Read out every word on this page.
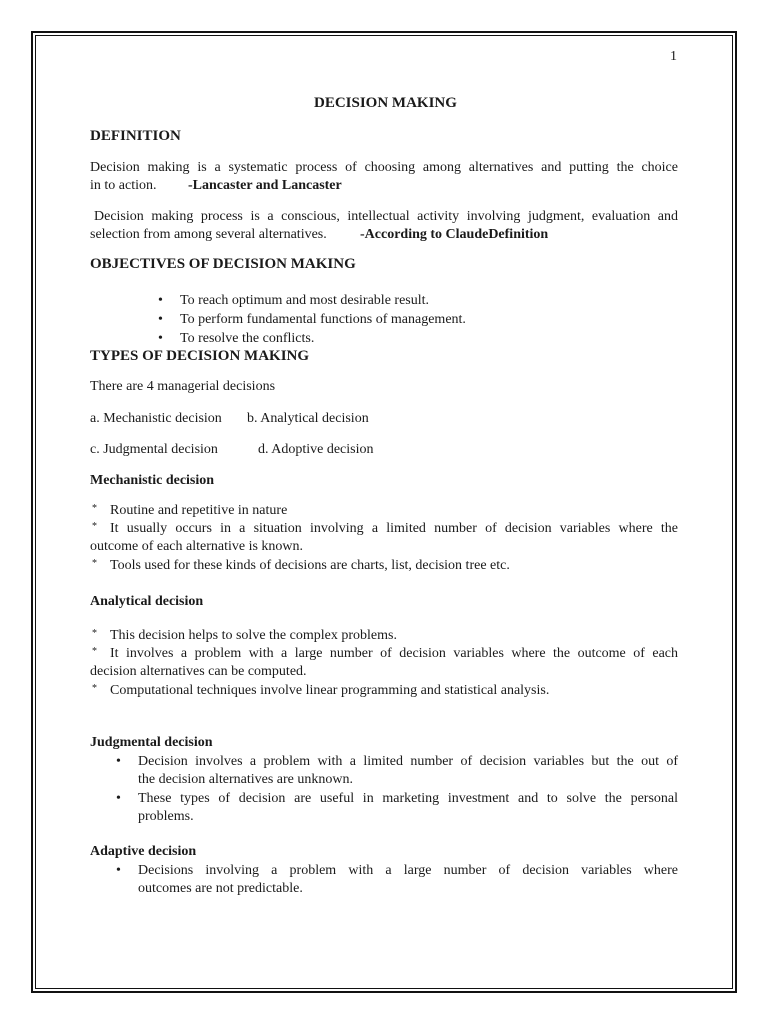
1
DECISION MAKING
DEFINITION
Decision making is a systematic process of choosing among alternatives and putting the choice
in to action. -Lancaster and Lancaster
Decision making process is a conscious, intellectual activity involving judgment, evaluation and
selection from among several alternatives. -According to ClaudeDefinition
OBJECTIVES OF DECISION MAKING
• To reach optimum and most desirable result.
• To perform fundamental functions of management.
• To resolve the conflicts.
TYPES OF DECISION MAKING
There are 4 managerial decisions
a. Mechanistic decision b. Analytical decision
c. Judgmental decision	d. Adoptive decision
Mechanistic decision
* Routine and repetitive in nature
* It usually occurs in a situation involving a limited number of decision variables where the
outcome of each alternative is known.
* Tools used for these kinds of decisions are charts, list, decision tree etc.
Analytical decision
* This decision helps to solve the complex problems.
* It involves a problem with a large number of decision variables where the outcome of each
decision alternatives can be computed.
* Computational techniques involve linear programming and statistical analysis.
Judgmental decision
• Decision involves a problem with a limited number of decision variables but the out of
the decision alternatives are unknown.
• These types of decision are useful in marketing investment and to solve the personal
problems.
Adaptive decision
• Decisions involving a problem with a large number of decision variables where
outcomes are not predictable.
